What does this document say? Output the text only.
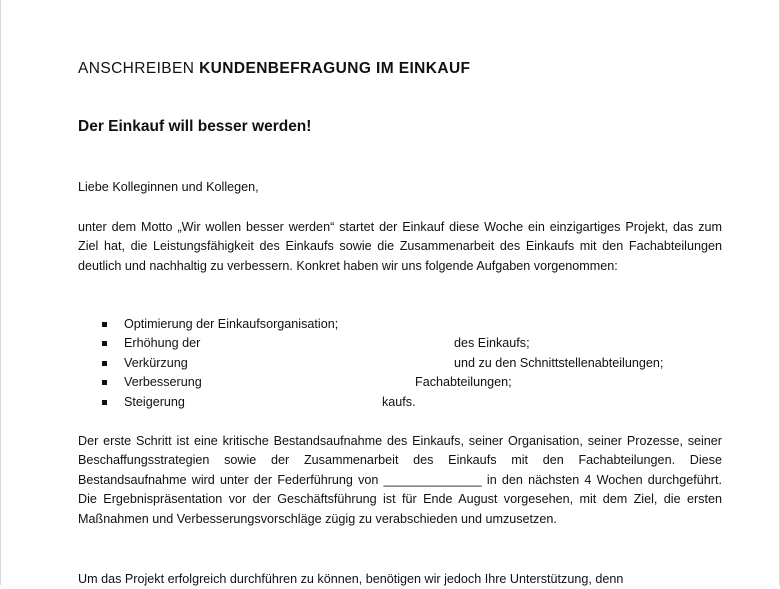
ANSCHREIBEN KUNDENBEFRAGUNG IM EINKAUF
Der Einkauf will besser werden!
Liebe Kolleginnen und Kollegen,
unter dem Motto „Wir wollen besser werden“ startet der Einkauf diese Woche ein einzigartiges Projekt, das zum Ziel hat, die Leistungsfähigkeit des Einkaufs sowie die Zusammenarbeit des Einkaufs mit den Fachabteilungen deutlich und nachhaltig zu verbessern. Konkret haben wir uns folgende Aufgaben vorgenommen:
Optimierung der Einkaufsorganisation;
Erhöhung der	des Einkaufs;
Verkürzung	und zu den Schnittstellenabteilungen;
Verbesserung	Fachabteilungen;
Steigerung	kaufs.
Der erste Schritt ist eine kritische Bestandsaufnahme des Einkaufs, seiner Organisation, seiner Prozesse, seiner Beschaffungsstrategien sowie der Zusammenarbeit des Einkaufs mit den Fachabteilungen. Diese Bestandsaufnahme wird unter der Federführung von ______________ in den nächsten 4 Wochen durchgeführt. Die Ergebnispräsentation vor der Geschäftsführung ist für Ende August vorgesehen, mit dem Ziel, die ersten Maßnahmen und Verbesserungsvorschläge zügig zu verabschieden und umzusetzen.
Um das Projekt erfolgreich durchführen zu können, benötigen wir jedoch Ihre Unterstützung, denn
